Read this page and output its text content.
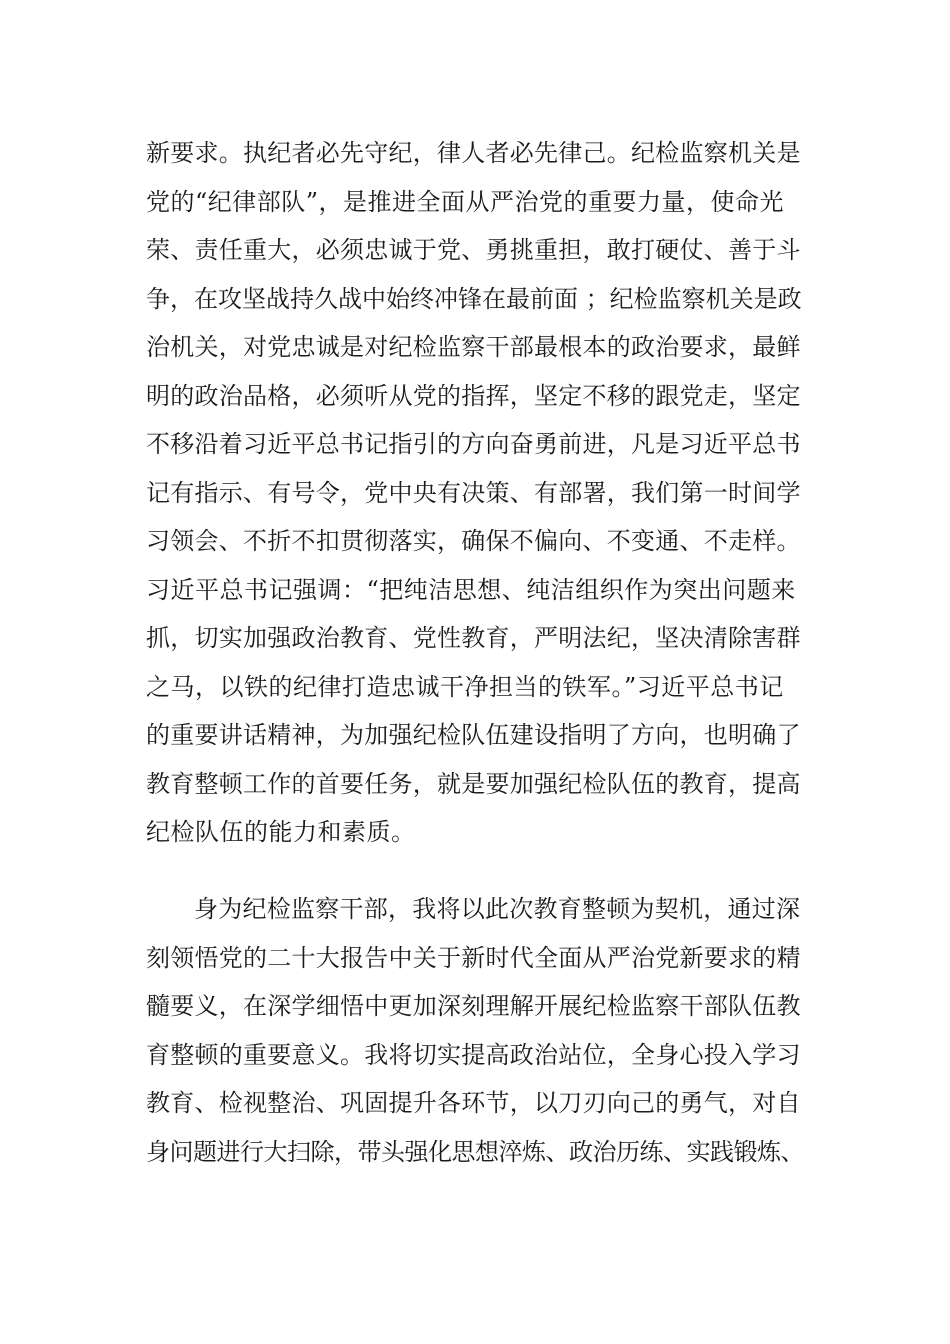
新要求。执纪者必先守纪，律人者必先律己。纪检监察机关是
党的“纪律部队”，是推进全面从严治党的重要力量，使命光
荣、责任重大，必须忠诚于党、勇挑重担，敢打硬仗、善于斗
争，在攻坚战持久战中始终冲锋在最前面 ；纪检监察机关是政
治机关，对党忠诚是对纪检监察干部最根本的政治要求，最鲜
明的政治品格，必须听从党的指挥，坚定不移的跟党走，坚定
不移沿着习近平总书记指引的方向奋勇前进，凡是习近平总书
记有指示、有号令，党中央有决策、有部署，我们第一时间学
习领会、不折不扣贯彻落实，确保不偏向、不变通、不走样。
习近平总书记强调：“把纯洁思想、纯洁组织作为突出问题来
抓，切实加强政治教育、党性教育，严明法纪，坚决清除害群
之马，以铁的纪律打造忠诚干净担当的铁军。”习近平总书记
的重要讲话精神，为加强纪检队伍建设指明了方向，也明确了
教育整顿工作的首要任务，就是要加强纪检队伍的教育，提高
纪检队伍的能力和素质。

身为纪检监察干部，我将以此次教育整顿为契机，通过深
刻领悟党的二十大报告中关于新时代全面从严治党新要求的精
髓要义，在深学细悟中更加深刻理解开展纪检监察干部队伍教
育整顿的重要意义。我将切实提高政治站位，全身心投入学习
教育、检视整治、巩固提升各环节，以刀刃向己的勇气，对自
身问题进行大扫除，带头强化思想淬炼、政治历练、实践锻炼、
